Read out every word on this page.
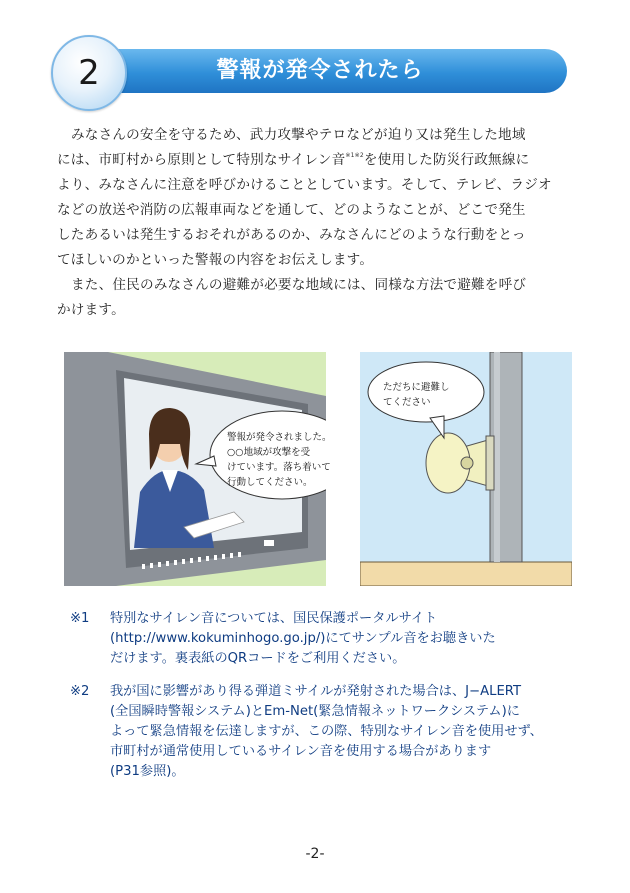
警報が発令されたら
2
みなさんの安全を守るため、武力攻撃やテロなどが迫り又は発生した地域
には、市町村から原則として特別なサイレン音$^{※1※2}$を使用した防災行政無線に
より、みなさんに注意を呼びかけることとしています。そして、テレビ、ラジオ
などの放送や消防の広報車両などを通して、どのようなことが、どこで発生
したあるいは発生するおそれがあるのか、みなさんにどのような行動をとっ
てほしいのかといった警報の内容をお伝えします。
また、住民のみなさんの避難が必要な地域には、同様な方法で避難を呼び
かけます。
警報が発令されました。
○○地域が攻撃を受
けています。落ち着いて
行動してください。
ただちに避難し
てください
※1 特別なサイレン音については、国民保護ポータルサイト
(http://www.kokuminhogo.go.jp/)にてサンプル音をお聴きいた
だけます。裏表紙のQRコードをご利用ください。
※2 我が国に影響があり得る弾道ミサイルが発射された場合は、J−ALERT
(全国瞬時警報システム)とEm-Net(緊急情報ネットワークシステム)に
よって緊急情報を伝達しますが、この際、特別なサイレン音を使用せず、
市町村が通常使用しているサイレン音を使用する場合があります
(P31参照)。
-2-
